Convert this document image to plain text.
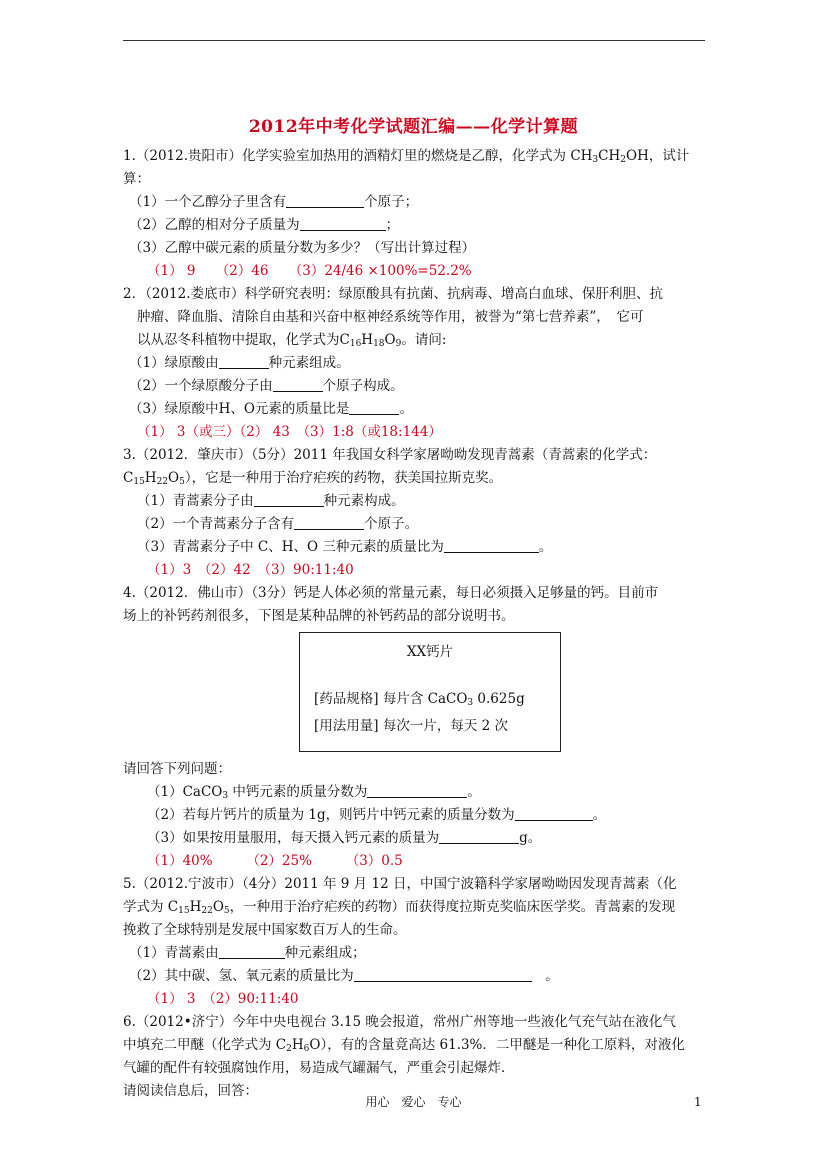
2012年中考化学试题汇编——化学计算题

1.（2012.贵阳市）化学实验室加热用的酒精灯里的燃烧是乙醇，化学式为 $CH_3CH_2OH$，试计

算：

（1）一个乙醇分子里含有	个原子；

（2）乙醇的相对分子质量为	；

（3）乙醇中碳元素的质量分数为多少？（写出计算过程）

（1） 9　　（2）46　　（3）24/46 ×100%=52.2%

2．（2012.娄底市）科学研究表明：绿原酸具有抗菌、抗病毒、增高白血球、保肝利胆、抗

肿瘤、降血脂、清除自由基和兴奋中枢神经系统等作用，被誉为“第七营养素”，　它可

以从忍冬科植物中提取，化学式为$C_{16}H_{18}O_9$。请问:

（1）绿原酸由	种元素组成。

（2）一个绿原酸分子由	个原子构成。

（3）绿原酸中H、O元素的质量比是	。

（1） 3（或三）（2） 43　（3）1:8（或18:144）

3.（2012．肇庆市）（5分）2011 年我国女科学家屠呦呦发现青蒿素（青蒿素的化学式：

$C_{15}H_{22}O_5$），它是一种用于治疗疟疾的药物，获美国拉斯克奖。

（1）青蒿素分子由	种元素构成。

（2）一个青蒿素分子含有	个原子。

（3）青蒿素分子中 C、H、O 三种元素的质量比为	。

（1）3　（2）42　（3）90:11:40

4.（2012．佛山市）（3分）钙是人体必须的常量元素，每日必须摄入足够量的钙。目前市

场上的补钙药剂很多，下图是某种品牌的补钙药品的部分说明书。

XX钙片
[药品规格] 每片含 CaCO$_3$ 0.625g
[用法用量] 每次一片，每天 2 次

请回答下列问题：

（1）CaCO$_3$ 中钙元素的质量分数为	。

（2）若每片钙片的质量为 1g，则钙片中钙元素的质量分数为	。

（3）如果按用量服用，每天摄入钙元素的质量为	g。

（1）40%　　　（2）25%　　　（3）0.5

5.（2012.宁波市）（4分）2011 年 9 月 12 日，中国宁波籍科学家屠呦呦因发现青蒿素（化

学式为 $C_{15}H_{22}O_5$，一种用于治疗疟疾的药物）而获得度拉斯克奖临床医学奖。青蒿素的发现

挽救了全球特别是发展中国家数百万人的生命。

（1）青蒿素由	种元素组成；

（2）其中碳、氢、氧元素的质量比为	　。

（1） 3　（2）90:11:40

6.（2012•济宁）今年中央电视台 3.15 晚会报道，常州广州等地一些液化气充气站在液化气

中填充二甲醚（化学式为 $C_2H_6O$），有的含量竟高达 61.3%．二甲醚是一种化工原料，对液化

气罐的配件有较强腐蚀作用，易造成气罐漏气，严重会引起爆炸．

请阅读信息后，回答：

用心　爱心　专心	1
